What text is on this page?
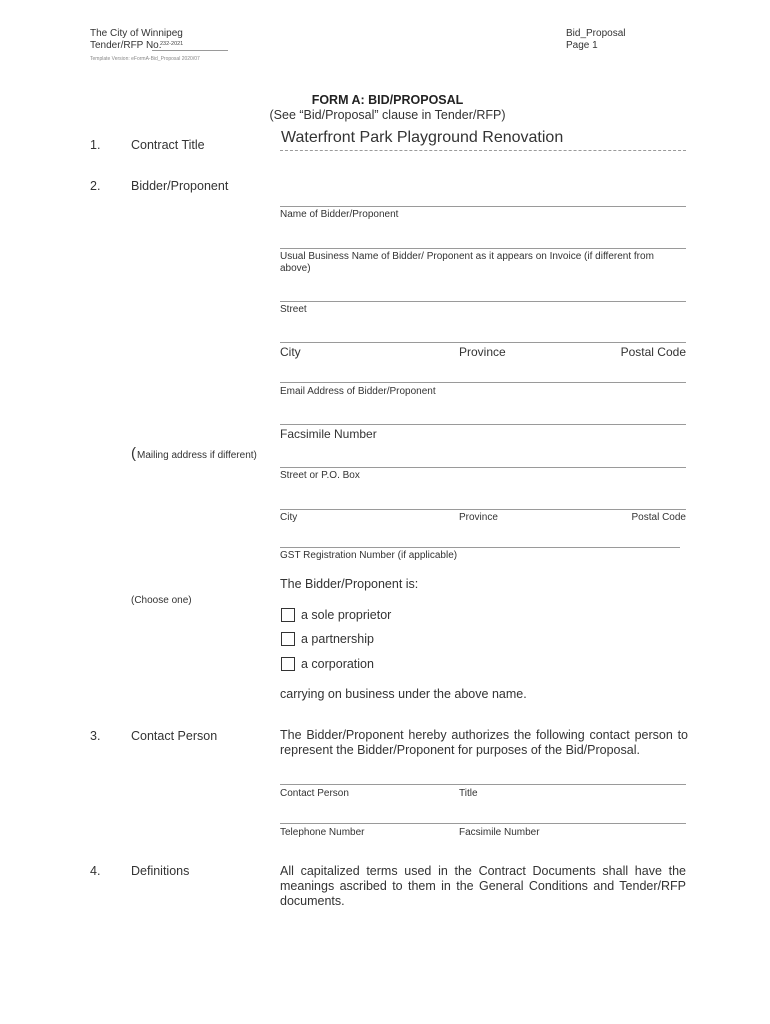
The City of Winnipeg
Tender/RFP No.
232-2021
Template Version: eFormA-Bid_Proposal 2020/07
Bid_Proposal
Page 1
FORM A: BID/PROPOSAL
(See “Bid/Proposal” clause in Tender/RFP)
1. Contract Title	Waterfront Park Playground Renovation
2. Bidder/Proponent
Name of Bidder/Proponent
Usual Business Name of Bidder/ Proponent as it appears on Invoice (if different from above)
Street
City	Province	Postal Code
Email Address of Bidder/Proponent
Facsimile Number
( Mailing address if different)
Street or P.O. Box
City	Province	Postal Code
GST Registration Number (if applicable)
The Bidder/Proponent is:
(Choose one)
a sole proprietor
a partnership
a corporation
carrying on business under the above name.
3. Contact Person	The Bidder/Proponent hereby authorizes the following contact person to represent the Bidder/Proponent for purposes of the Bid/Proposal.
Contact Person	Title
Telephone Number	Facsimile Number
4. Definitions	All capitalized terms used in the Contract Documents shall have the meanings ascribed to them in the General Conditions and Tender/RFP documents.
